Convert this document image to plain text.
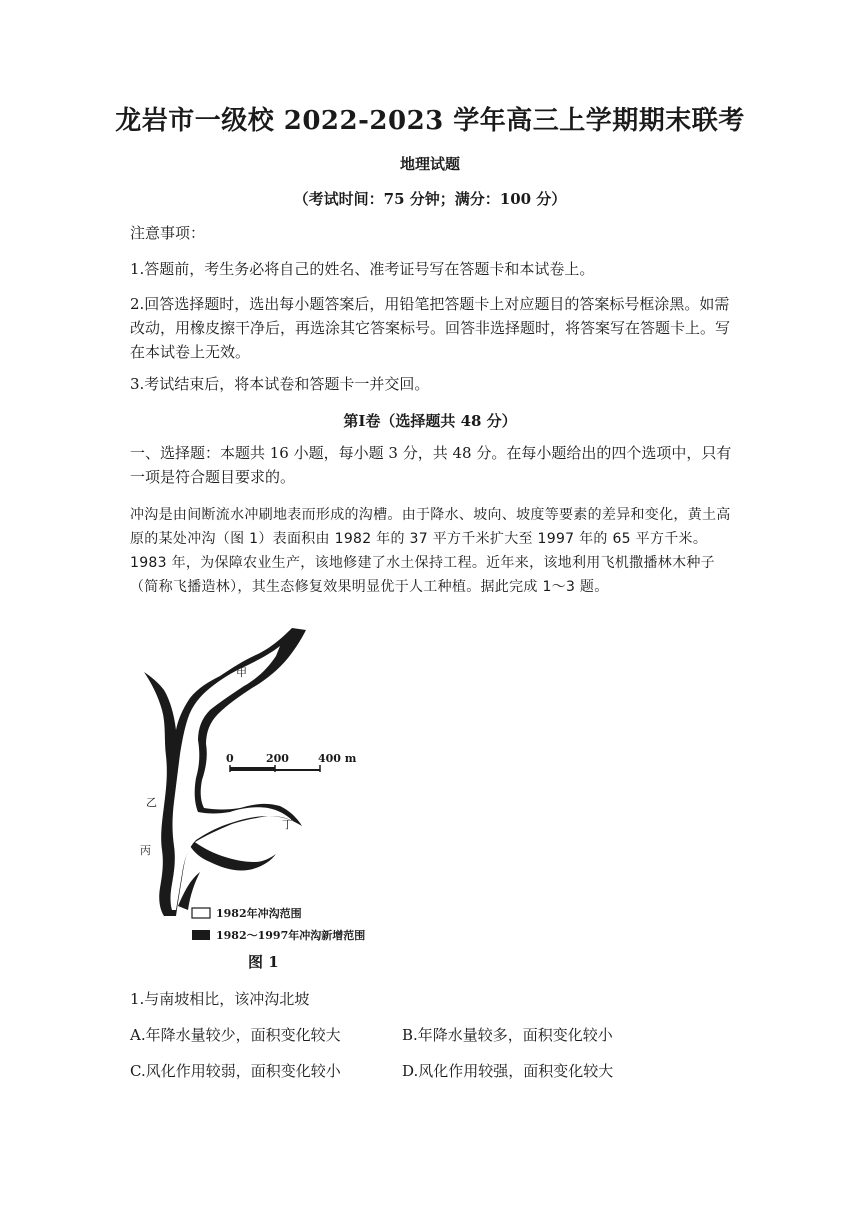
龙岩市一级校 2022-2023 学年高三上学期期末联考
地理试题
（考试时间：75 分钟；满分：100 分）
注意事项：
1.答题前，考生务必将自己的姓名、准考证号写在答题卡和本试卷上。
2.回答选择题时，选出每小题答案后，用铅笔把答题卡上对应题目的答案标号框涂黑。如需改动，用橡皮擦干净后，再选涂其它答案标号。回答非选择题时，将答案写在答题卡上。写在本试卷上无效。
3.考试结束后，将本试卷和答题卡一并交回。
第Ⅰ卷（选择题共 48 分）
一、选择题：本题共 16 小题，每小题 3 分，共 48 分。在每小题给出的四个选项中，只有一项是符合题目要求的。
冲沟是由间断流水冲刷地表而形成的沟槽。由于降水、坡向、坡度等要素的差异和变化，黄土高原的某处冲沟（图 1）表面积由 1982 年的 37 平方千米扩大至 1997 年的 65 平方千米。1983 年，为保障农业生产，该地修建了水土保持工程。近年来，该地利用飞机撒播林木种子（简称飞播造林），其生态修复效果明显优于人工种植。据此完成 1～3 题。
0	200	400 m
甲
乙
丙
丁
1982年冲沟范围
1982～1997年冲沟新增范围
图 1
1.与南坡相比，该冲沟北坡
A.年降水量较少，面积变化较大	B.年降水量较多，面积变化较小
C.风化作用较弱，面积变化较小	D.风化作用较强，面积变化较大
